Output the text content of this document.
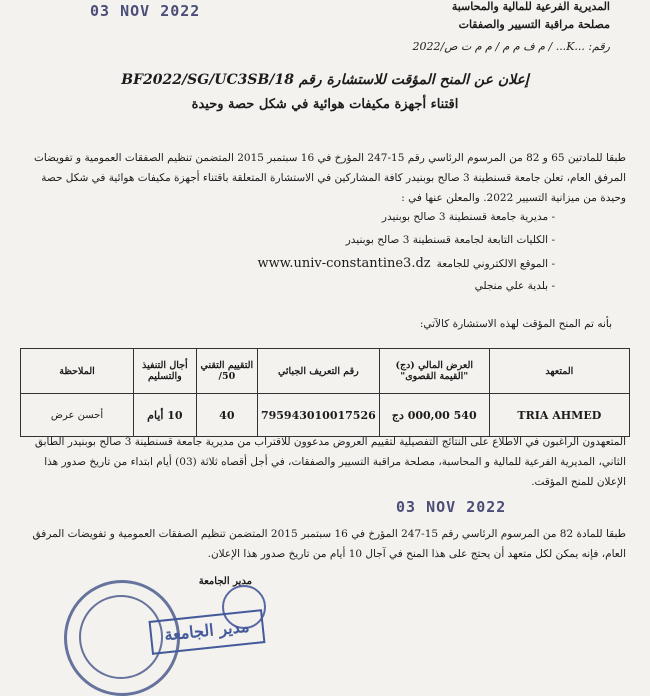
المديرية الفرعية للمالية والمحاسبة
مصلحة مراقبة التسيير والصفقات
03 NOV 2022
رقم: ...K... / م ف م م / م م ت ص/2022
إعلان عن المنح المؤقت للاستشارة رقم BF2022/SG/UC3SB/18
اقتناء أجهزة مكيفات هوائية في شكل حصة وحيدة
طبقا للمادتين 65 و 82 من المرسوم الرئاسي رقم 15-247 المؤرخ في 16 سبتمبر 2015 المتضمن تنظيم الصفقات العمومية و تفويضات المرفق العام، تعلن جامعة قسنطينة 3 صالح بوبنيدر كافة المشاركين في الاستشارة المتعلقة باقتناء أجهزة مكيفات هوائية في شكل حصة وحيدة من ميزانية التسيير 2022. والمعلن عنها في :
- مديرية جامعة قسنطينة 3 صالح بوبنيدر
- الكليات التابعة لجامعة قسنطينة 3 صالح بوبنيدر
- الموقع الالكتروني للجامعةwww.univ-constantine3.dz
- بلدية علي منجلي
بأنه تم المنح المؤقت لهذه الاستشارة كالآتي:
المتعهد	العرض المالي (دج) "القيمة القصوى"	رقم التعريف الجبائي	التقييم التقني 50/	أجال التنفيذ والتسليم	الملاحظة
TRIA AHMED	540 000,00 دج	795943010017526	40	10 أيام	أحسن عرض
المتعهدون الراغبون في الاطلاع على النتائج التفصيلية لتقييم العروض مدعوون للاقتراب من مديرية جامعة قسنطينة 3 صالح بوبنيدر الطابق الثاني، المديرية الفرعية للمالية و المحاسبة، مصلحة مراقبة التسيير والصفقات، في أجل أقصاه ثلاثة (03) أيام ابتداء من تاريخ صدور هذا الإعلان للمنح المؤقت.
03 NOV 2022
طبقا للمادة 82 من المرسوم الرئاسي رقم 15-247 المؤرخ في 16 سبتمبر 2015 المتضمن تنظيم الصفقات العمومية و تفويضات المرفق العام، فإنه يمكن لكل متعهد أن يحتج على هذا المنح في آجال 10 أيام من تاريخ صدور هذا الإعلان.
مدير الجامعة
مدير الجامعة
